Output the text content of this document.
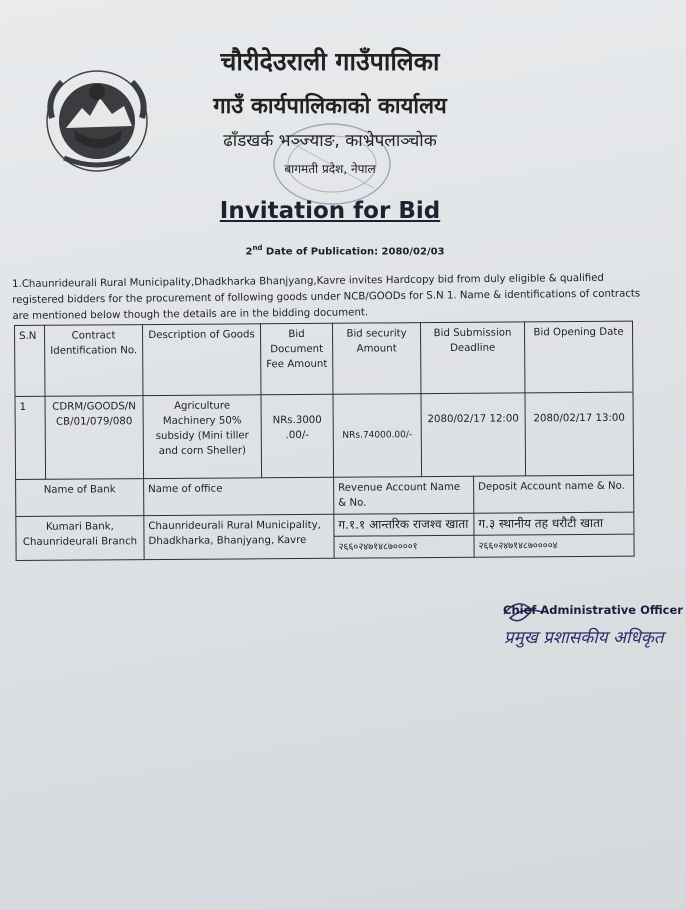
चौरीदेउराली गाउँपालिका
गाउँ कार्यपालिकाको कार्यालय
ढाँडखर्क भञ्ज्याङ, काभ्रेपलाञ्चोक
बागमती प्रदेश, नेपाल
Invitation for Bid
2nd Date of Publication: 2080/02/03
1.Chaunrideurali Rural Municipality,Dhadkharka Bhanjyang,Kavre invites Hardcopy bid from duly eligible & qualified registered bidders for the procurement of following goods under NCB/GOODs for S.N 1. Name & identifications of contracts are mentioned below though the details are in the bidding document.
S.N	Contract Identification No.	Description of Goods	Bid Document Fee Amount	Bid security Amount	Bid Submission Deadline		Bid Opening Date
1	CDRM/GOODS/NCB/01/079/080	Agriculture Machinery 50% subsidy (Mini tiller and corn Sheller)	NRs.3000 .00/-	NRs.74000.00/-	2080/02/17 12:00		2080/02/17 13:00
Name of Bank		Name of office		Revenue Account Name & No.		Deposit Account name & No.	
Kumari Bank, Chaunrideurali Branch		Chaunrideurali Rural Municipality, Dhadkharka, Bhanjyang, Kavre		ग.१.१ आन्तरिक राजश्व खाता		ग.३ स्थानीय तह धरौटी खाता	
				२६६०२४७१४८७००००१		२६६०२४७१४८७००००४	
Chief Administrative Officer
प्रमुख प्रशासकीय अधिकृत
